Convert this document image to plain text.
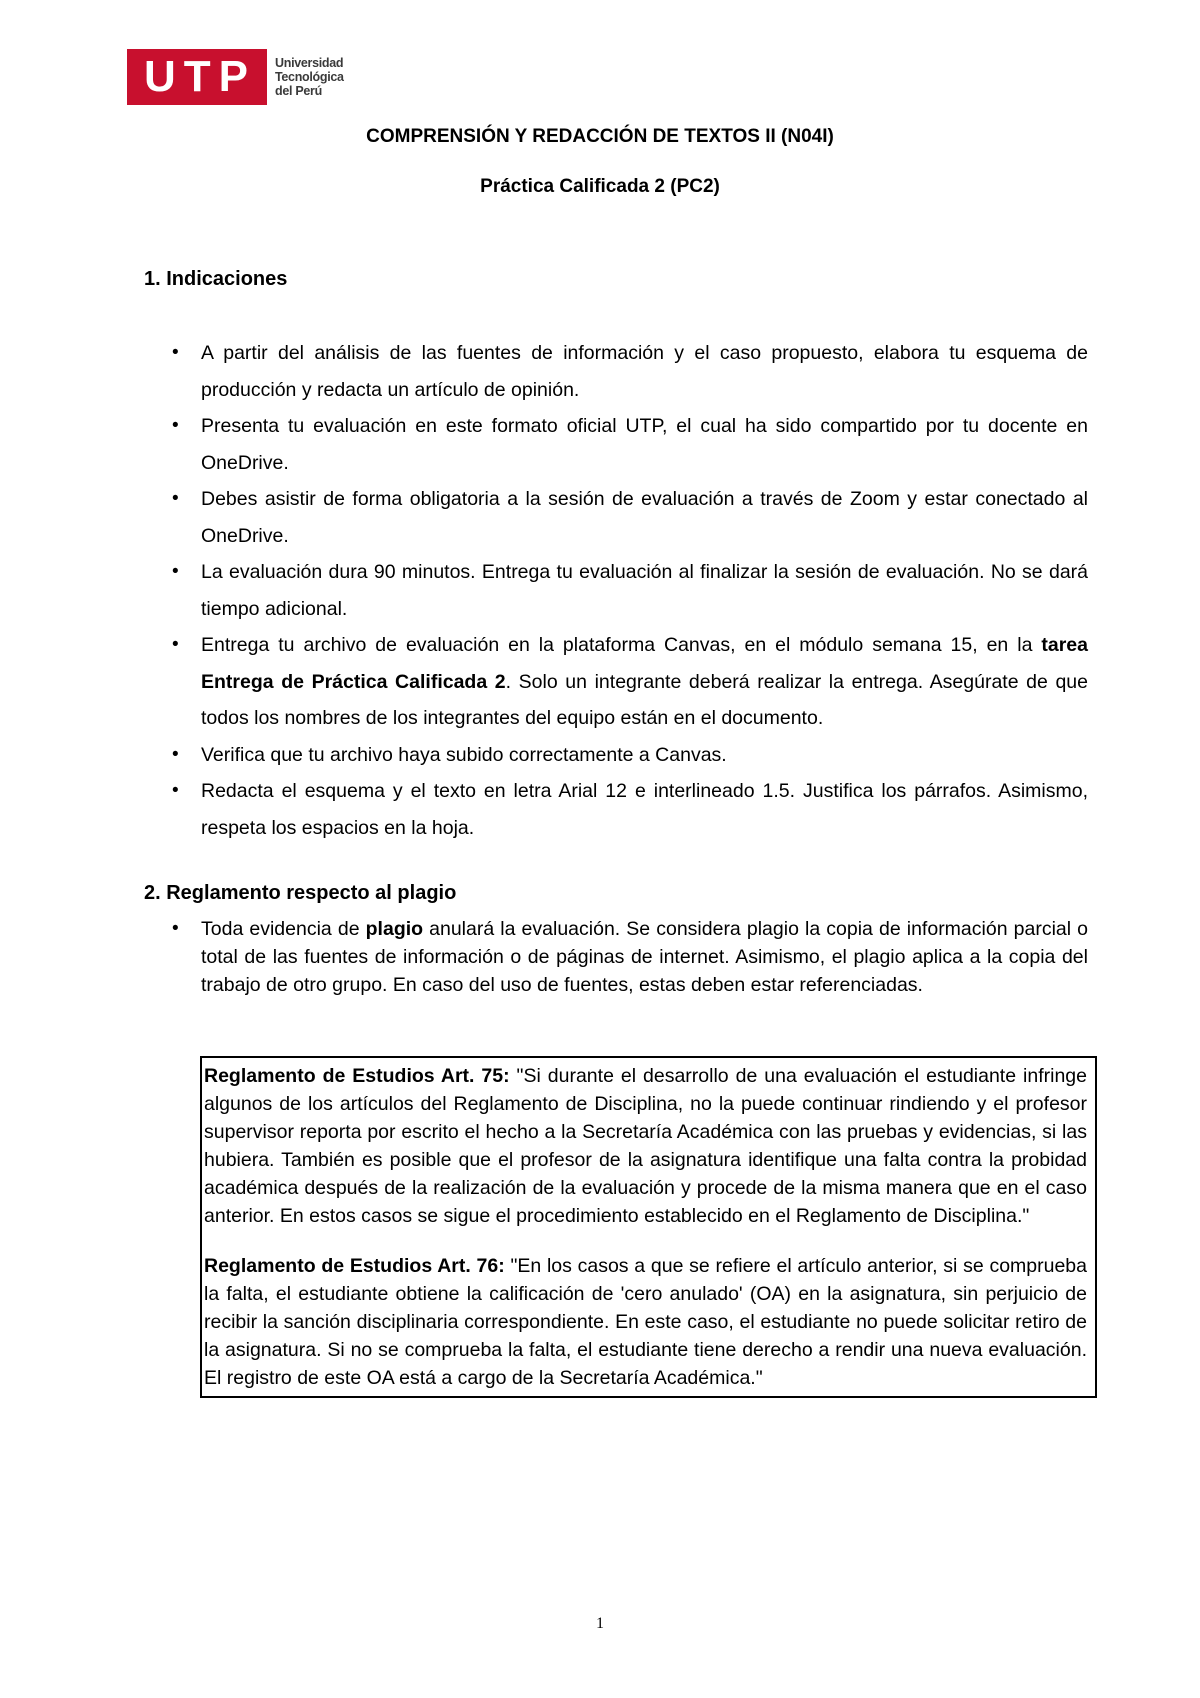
U T P Universidad
Tecnológica
del Perú
COMPRENSIÓN Y REDACCIÓN DE TEXTOS II (N04I)
Práctica Calificada 2 (PC2)
1. Indicaciones
• A partir del análisis de las fuentes de información y el caso propuesto, elabora tu esquema de producción y redacta un artículo de opinión.
• Presenta tu evaluación en este formato oficial UTP, el cual ha sido compartido por tu docente en OneDrive.
• Debes asistir de forma obligatoria a la sesión de evaluación a través de Zoom y estar conectado al OneDrive.
• La evaluación dura 90 minutos. Entrega tu evaluación al finalizar la sesión de evaluación. No se dará tiempo adicional.
• Entrega tu archivo de evaluación en la plataforma Canvas, en el módulo semana 15, en la tarea Entrega de Práctica Calificada 2. Solo un integrante deberá realizar la entrega. Asegúrate de que todos los nombres de los integrantes del equipo están en el documento.
• Verifica que tu archivo haya subido correctamente a Canvas.
• Redacta el esquema y el texto en letra Arial 12 e interlineado 1.5. Justifica los párrafos. Asimismo, respeta los espacios en la hoja.
2. Reglamento respecto al plagio
• Toda evidencia de plagio anulará la evaluación. Se considera plagio la copia de información parcial o total de las fuentes de información o de páginas de internet. Asimismo, el plagio aplica a la copia del trabajo de otro grupo. En caso del uso de fuentes, estas deben estar referenciadas.

Reglamento de Estudios Art. 75: "Si durante el desarrollo de una evaluación el estudiante infringe algunos de los artículos del Reglamento de Disciplina, no la puede continuar rindiendo y el profesor supervisor reporta por escrito el hecho a la Secretaría Académica con las pruebas y evidencias, si las hubiera. También es posible que el profesor de la asignatura identifique una falta contra la probidad académica después de la realización de la evaluación y procede de la misma manera que en el caso anterior. En estos casos se sigue el procedimiento establecido en el Reglamento de Disciplina."

Reglamento de Estudios Art. 76: "En los casos a que se refiere el artículo anterior, si se comprueba la falta, el estudiante obtiene la calificación de 'cero anulado' (OA) en la asignatura, sin perjuicio de recibir la sanción disciplinaria correspondiente. En este caso, el estudiante no puede solicitar retiro de la asignatura. Si no se comprueba la falta, el estudiante tiene derecho a rendir una nueva evaluación. El registro de este OA está a cargo de la Secretaría Académica."

1
